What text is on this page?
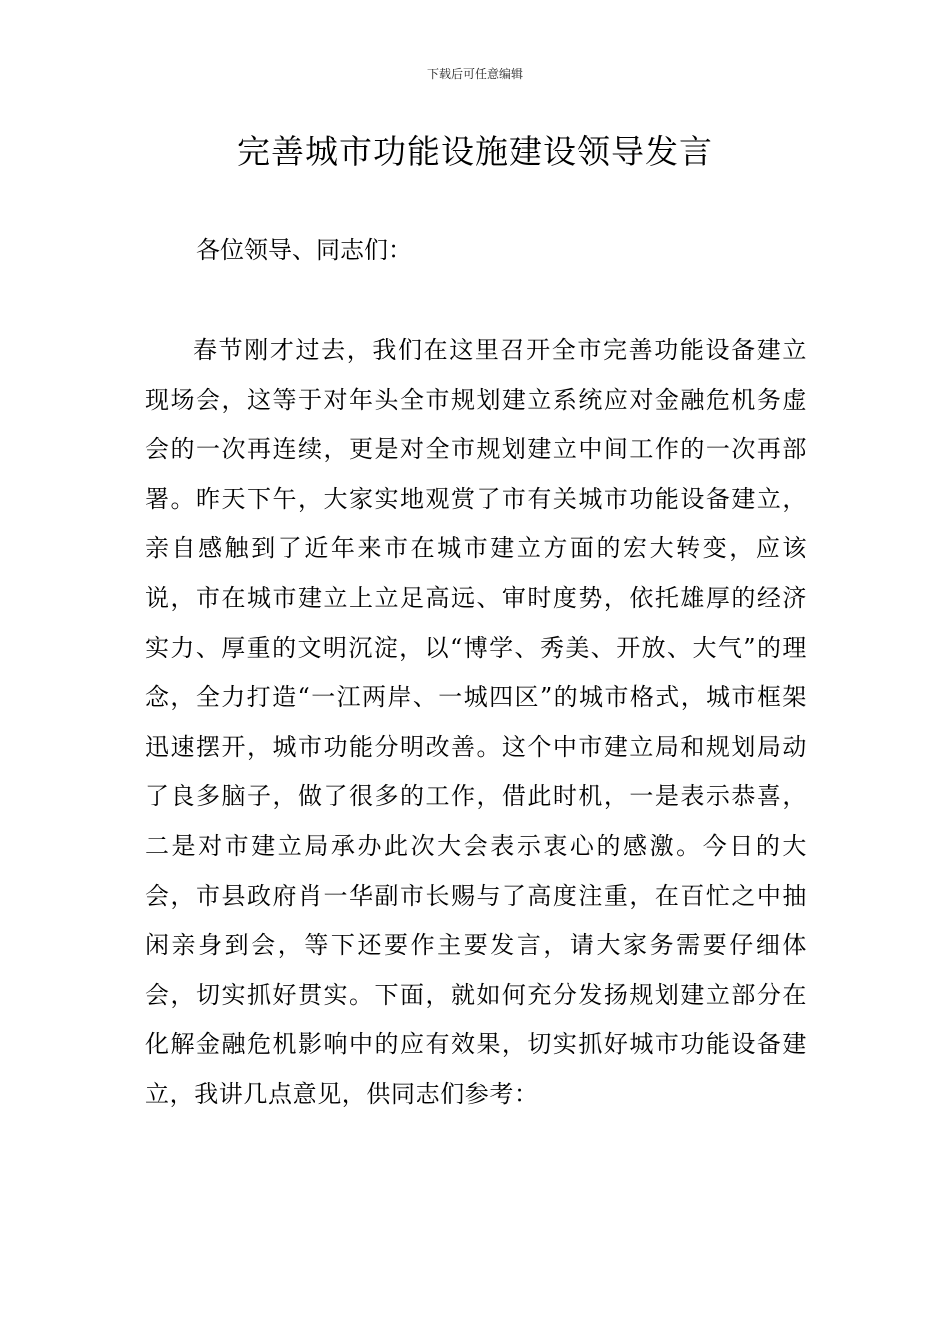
下载后可任意编辑
完善城市功能设施建设领导发言

各位领导、同志们：

春节刚才过去，我们在这里召开全市完善功能设备建立现场会，这等于对年头全市规划建立系统应对金融危机务虚会的一次再连续，更是对全市规划建立中间工作的一次再部署。昨天下午，大家实地观赏了市有关城市功能设备建立，亲自感触到了近年来市在城市建立方面的宏大转变，应该说，市在城市建立上立足高远、审时度势，依托雄厚的经济实力、厚重的文明沉淀，以“博学、秀美、开放、大气”的理念，全力打造“一江两岸、一城四区”的城市格式，城市框架迅速摆开，城市功能分明改善。这个中市建立局和规划局动了良多脑子，做了很多的工作，借此时机，一是表示恭喜，二是对市建立局承办此次大会表示衷心的感激。今日的大会，市县政府肖一华副市长赐与了高度注重，在百忙之中抽闲亲身到会，等下还要作主要发言，请大家务需要仔细体会，切实抓好贯实。下面，就如何充分发扬规划建立部分在化解金融危机影响中的应有效果，切实抓好城市功能设备建立，我讲几点意见，供同志们参考：
